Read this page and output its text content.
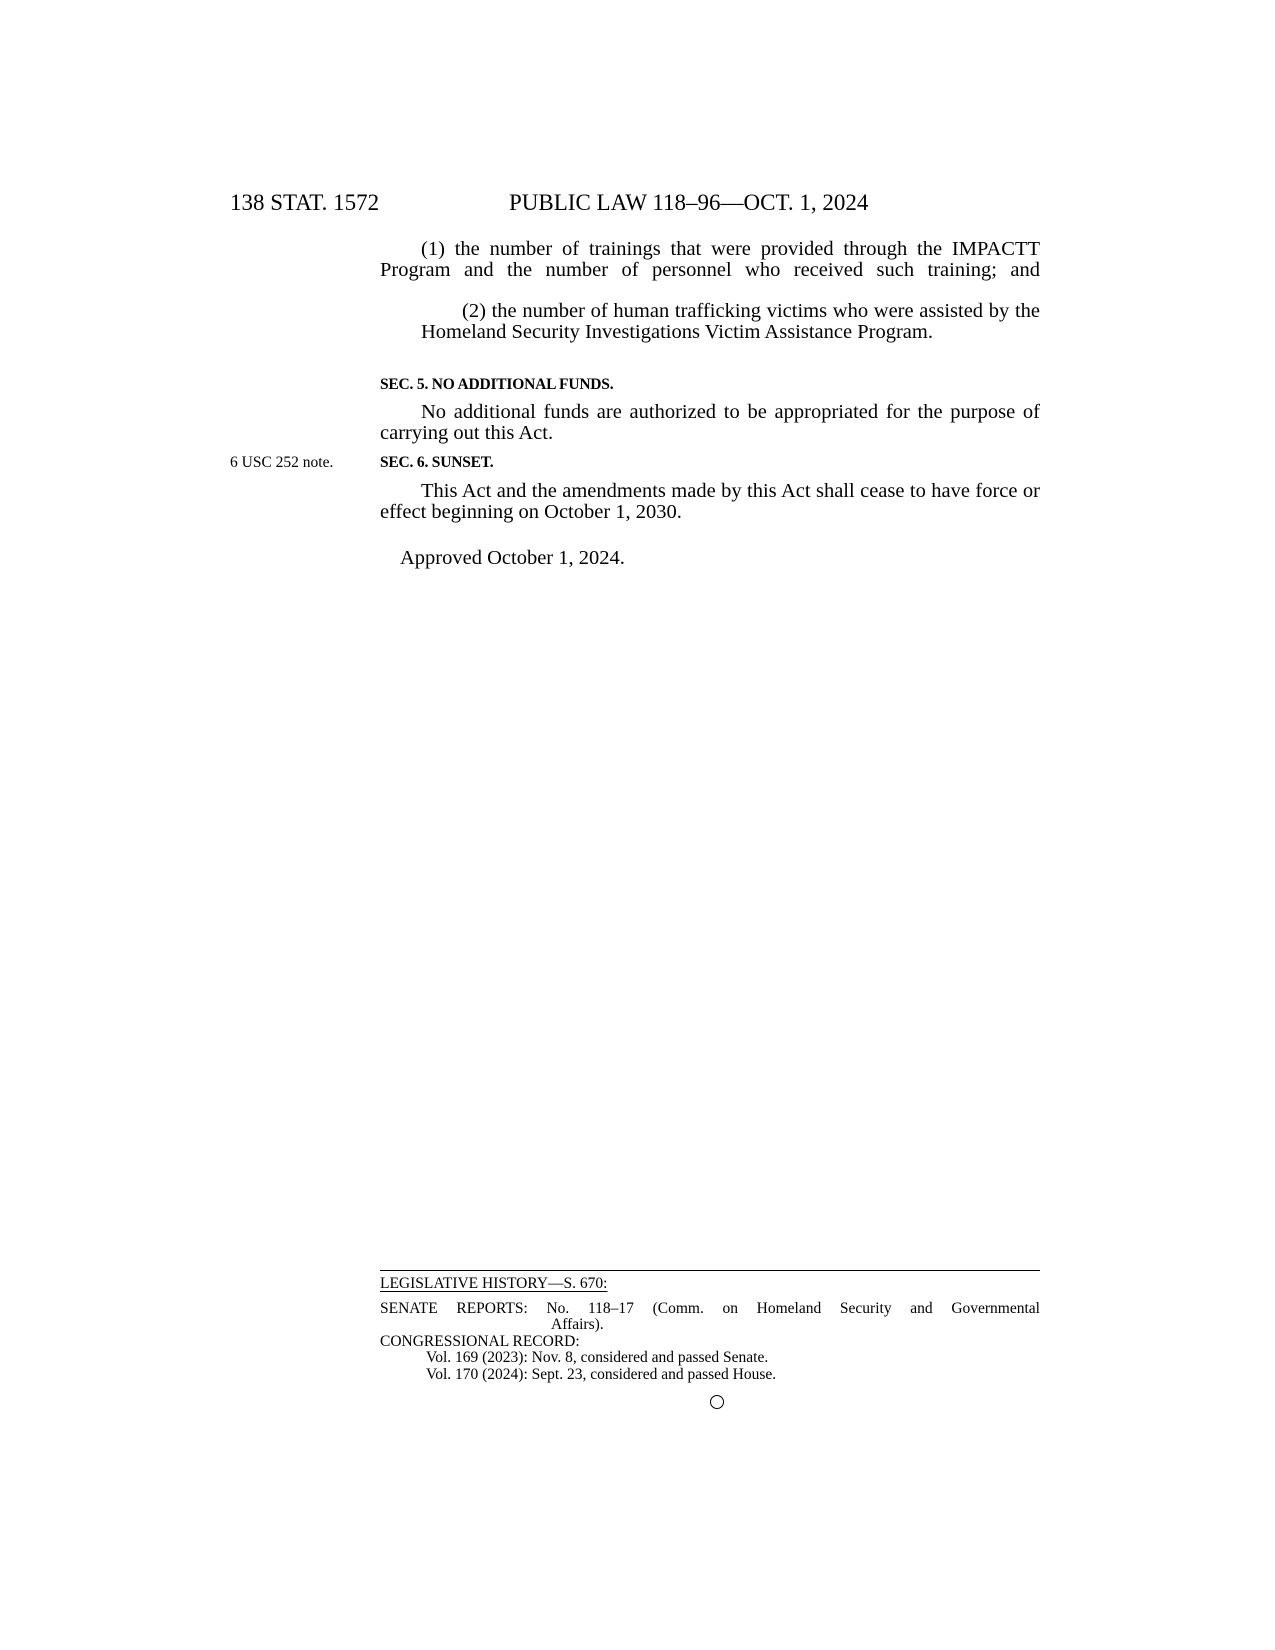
138 STAT. 1572	PUBLIC LAW 118–96—OCT. 1, 2024
(1) the number of trainings that were provided through the IMPACTT Program and the number of personnel who received such training; and
(2) the number of human trafficking victims who were assisted by the Homeland Security Investigations Victim Assistance Program.
SEC. 5. NO ADDITIONAL FUNDS.
No additional funds are authorized to be appropriated for the purpose of carrying out this Act.
6 USC 252 note.	SEC. 6. SUNSET.
This Act and the amendments made by this Act shall cease to have force or effect beginning on October 1, 2030.
Approved October 1, 2024.
LEGISLATIVE HISTORY—S. 670:
SENATE REPORTS: No. 118–17 (Comm. on Homeland Security and Governmental
Affairs).
CONGRESSIONAL RECORD:
Vol. 169 (2023): Nov. 8, considered and passed Senate.
Vol. 170 (2024): Sept. 23, considered and passed House.
